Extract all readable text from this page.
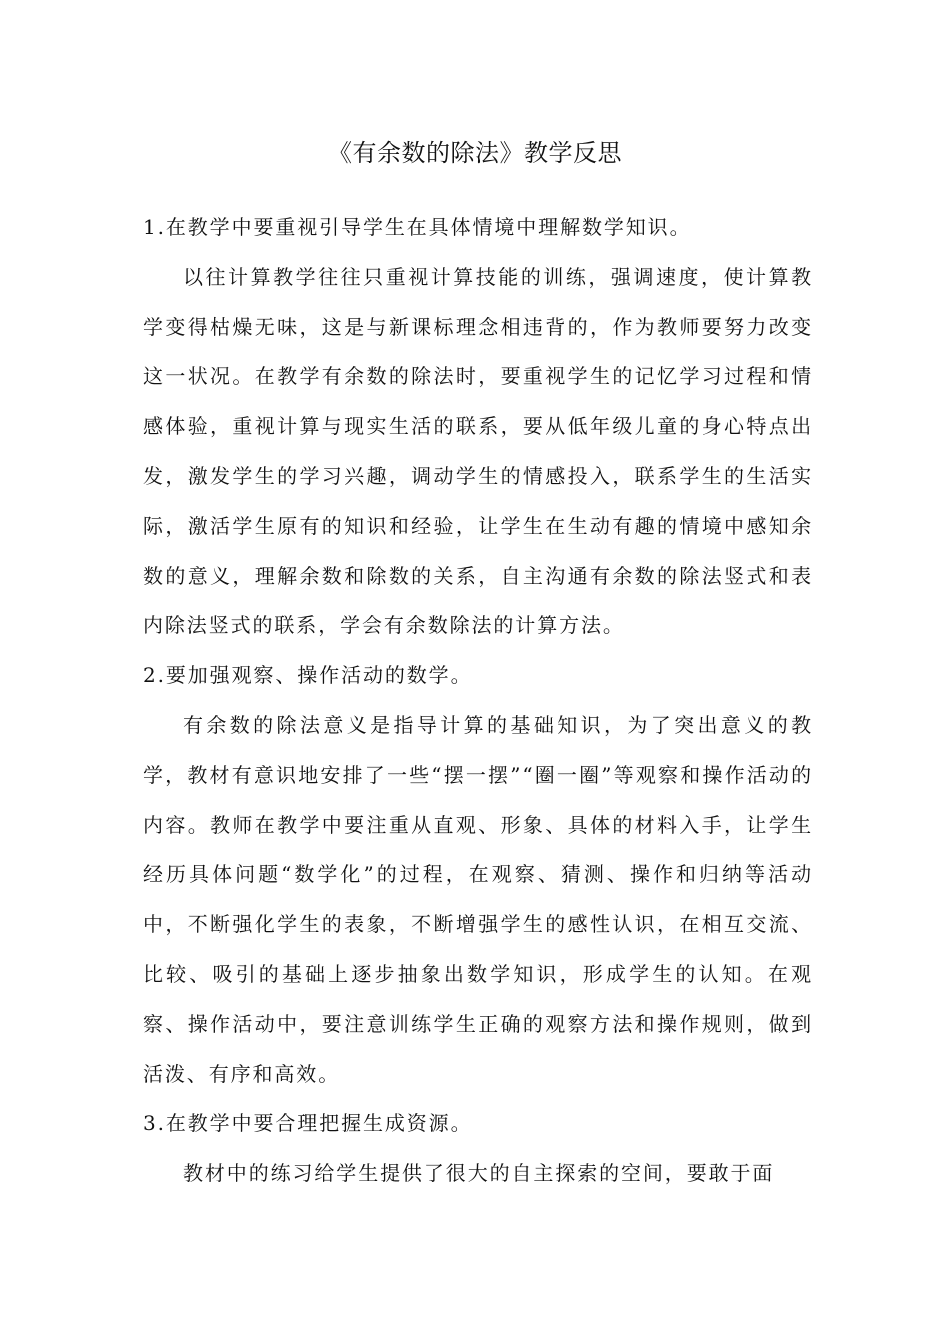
《有余数的除法》教学反思

1.在教学中要重视引导学生在具体情境中理解数学知识。

以往计算教学往往只重视计算技能的训练，强调速度，使计算教学变得枯燥无味，这是与新课标理念相违背的，作为教师要努力改变这一状况。在教学有余数的除法时，要重视学生的记忆学习过程和情感体验，重视计算与现实生活的联系，要从低年级儿童的身心特点出发，激发学生的学习兴趣，调动学生的情感投入，联系学生的生活实际，激活学生原有的知识和经验，让学生在生动有趣的情境中感知余数的意义，理解余数和除数的关系，自主沟通有余数的除法竖式和表内除法竖式的联系，学会有余数除法的计算方法。

2.要加强观察、操作活动的数学。

有余数的除法意义是指导计算的基础知识，为了突出意义的教学，教材有意识地安排了一些“摆一摆”“圈一圈”等观察和操作活动的内容。教师在教学中要注重从直观、形象、具体的材料入手，让学生经历具体问题“数学化”的过程，在观察、猜测、操作和归纳等活动中，不断强化学生的表象，不断增强学生的感性认识，在相互交流、比较、吸引的基础上逐步抽象出数学知识，形成学生的认知。在观察、操作活动中，要注意训练学生正确的观察方法和操作规则，做到活泼、有序和高效。

3.在教学中要合理把握生成资源。

教材中的练习给学生提供了很大的自主探索的空间，要敢于面
